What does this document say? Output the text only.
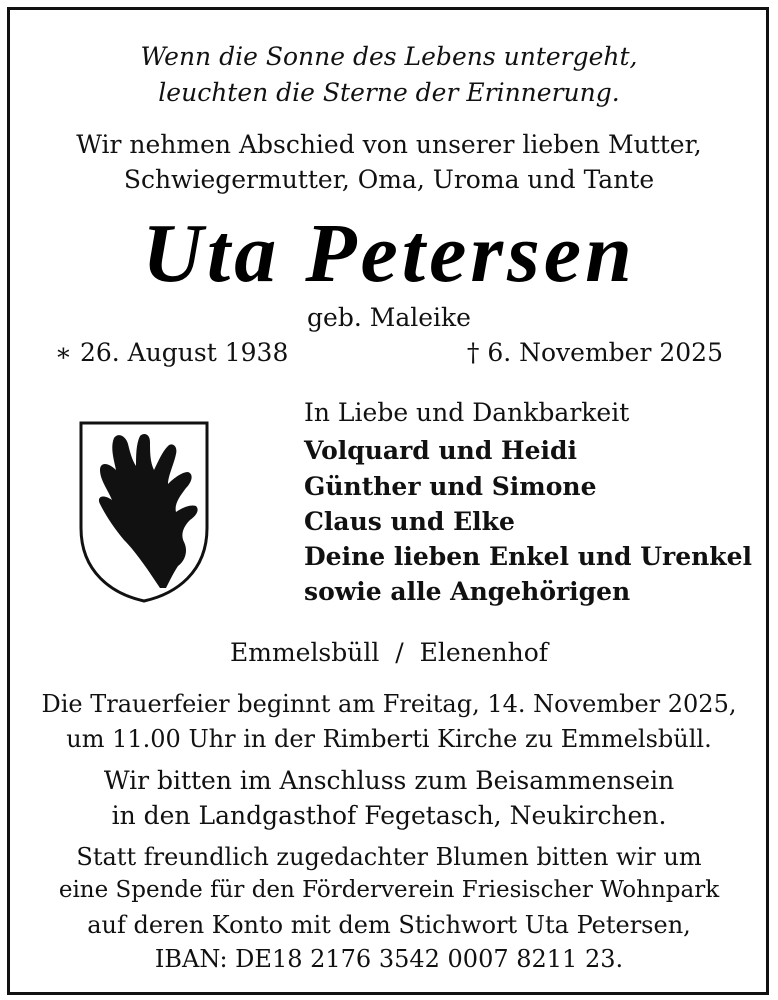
Wenn die Sonne des Lebens untergeht,
leuchten die Sterne der Erinnerung.
Wir nehmen Abschied von unserer lieben Mutter,
Schwiegermutter, Oma, Uroma und Tante
Uta Petersen
geb. Maleike
∗ 26. August 1938	† 6. November 2025
In Liebe und Dankbarkeit
Volquard und Heidi
Günther und Simone
Claus und Elke
Deine lieben Enkel und Urenkel
sowie alle Angehörigen
Emmelsbüll  /  Elenenhof
Die Trauerfeier beginnt am Freitag, 14. November 2025,
um 11.00 Uhr in der Rimberti Kirche zu Emmelsbüll.
Wir bitten im Anschluss zum Beisammensein
in den Landgasthof Fegetasch, Neukirchen.
Statt freundlich zugedachter Blumen bitten wir um
eine Spende für den Förderverein Friesischer Wohnpark
auf deren Konto mit dem Stichwort Uta Petersen,
IBAN: DE18 2176 3542 0007 8211 23.
